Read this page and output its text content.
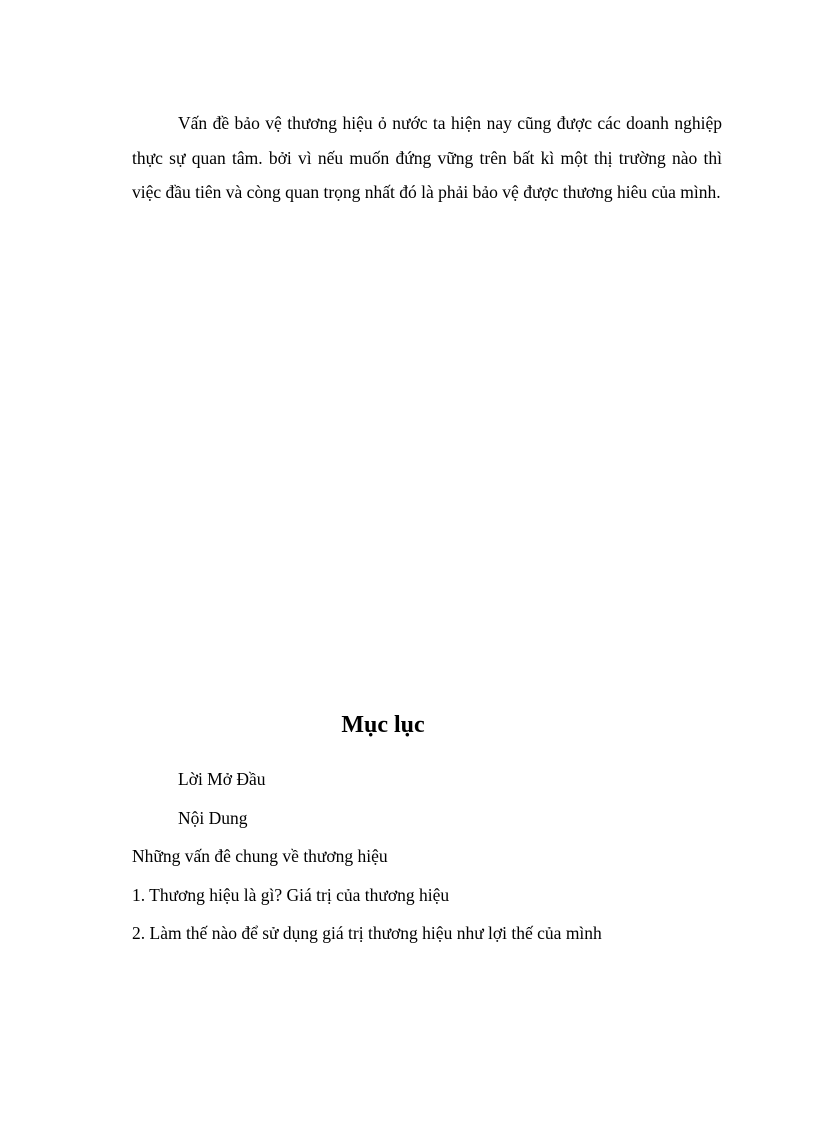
Vấn đề bảo vệ thương hiệu ỏ nước ta hiện nay cũng được các doanh nghiệp thực sự quan tâm. bởi vì nếu muốn đứng vững trên bất kì một thị trường nào thì việc đầu tiên và còng quan trọng nhất đó là phải bảo vệ được thương hiêu của mình.

Mục lục
Lời Mở Đầu
Nội Dung
Những vấn đê chung về thương hiệu
1. Thương hiệu là gì? Giá trị của thương hiệu
2. Làm thế nào để sử dụng giá trị thương hiệu như lợi thế của mình
